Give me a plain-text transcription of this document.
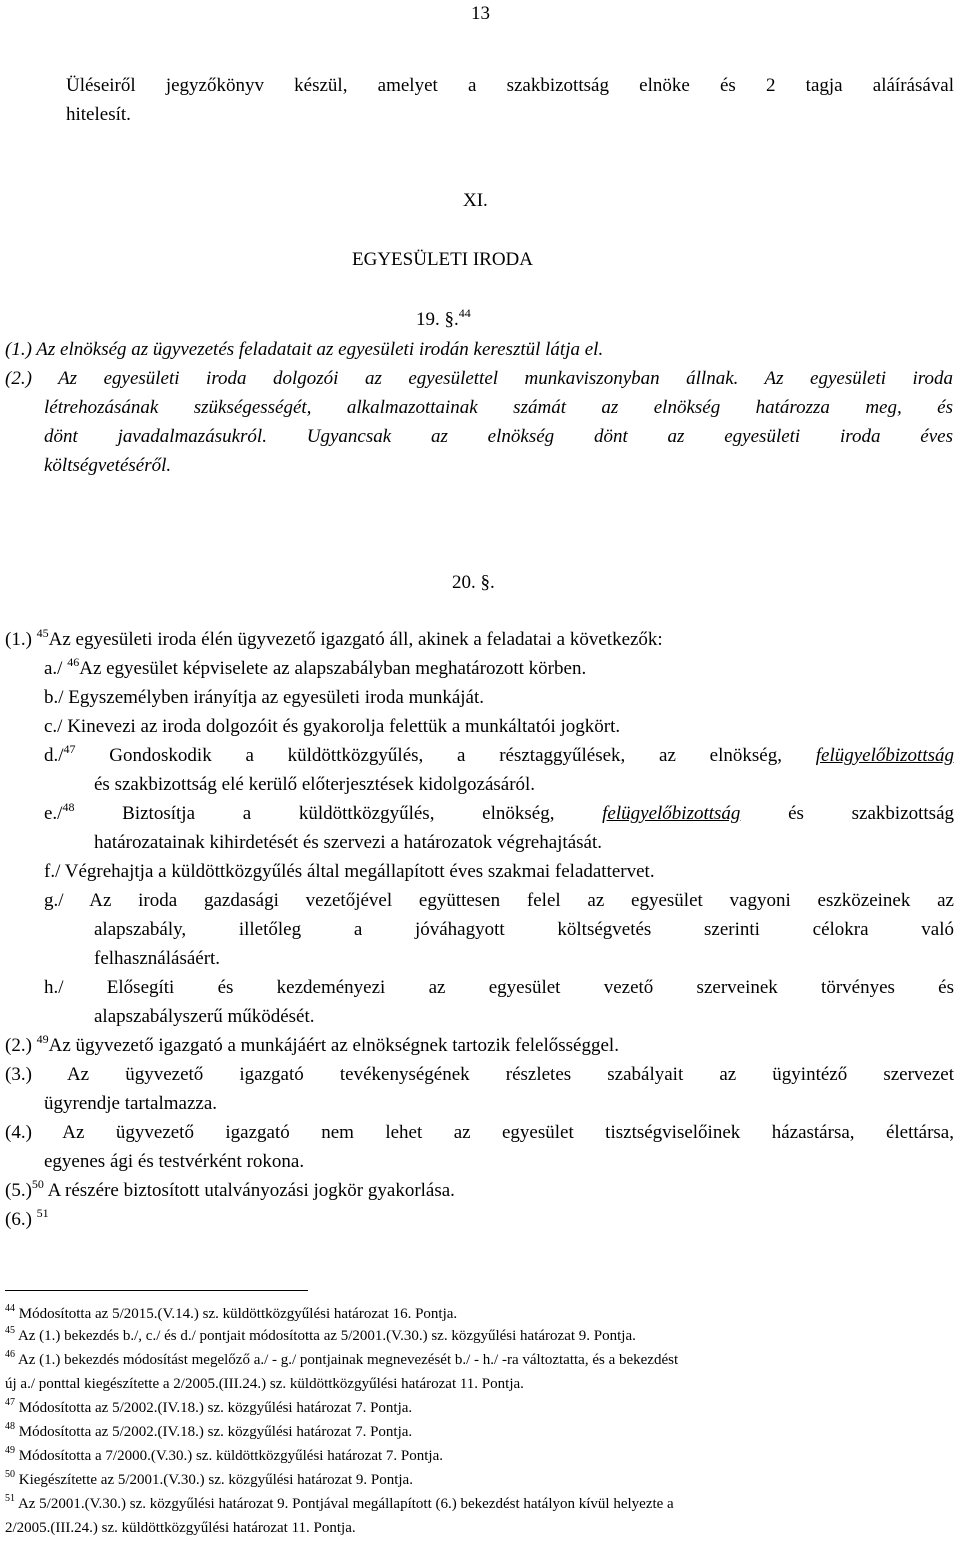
13
Üléseiről jegyzőkönyv készül, amelyet a szakbizottság elnöke és 2 tagja aláírásával
hitelesít.
XI.
EGYESÜLETI IRODA
19. §.$^{44}$
(1.) Az elnökség az ügyvezetés feladatait az egyesületi irodán keresztül látja el.
(2.) Az egyesületi iroda dolgozói az egyesülettel munkaviszonyban állnak. Az egyesületi iroda
létrehozásának szükségességét, alkalmazottainak számát az elnökség határozza meg, és
dönt javadalmazásukról. Ugyancsak az elnökség dönt az egyesületi iroda éves
költségvetéséről.
20. §.
(1.) $^{45}$Az egyesületi iroda élén ügyvezető igazgató áll, akinek a feladatai a következők:
a./ $^{46}$Az egyesület képviselete az alapszabályban meghatározott körben.
b./ Egyszemélyben irányítja az egyesületi iroda munkáját.
c./ Kinevezi az iroda dolgozóit és gyakorolja felettük a munkáltatói jogkört.
d./$^{47}$ Gondoskodik a küldöttközgyűlés, a résztaggyűlések, az elnökség, felügyelőbizottság
és szakbizottság elé kerülő előterjesztések kidolgozásáról.
e./$^{48}$	Biztosítja a küldöttközgyűlés, elnökség,	felügyelőbizottság	és szakbizottság
határozatainak kihirdetését és szervezi a határozatok végrehajtását.
f./ Végrehajtja a küldöttközgyűlés által megállapított éves szakmai feladattervet.
g./ Az iroda gazdasági vezetőjével együttesen felel az egyesület vagyoni eszközeinek az
alapszabály, illetőleg a jóváhagyott költségvetés szerinti célokra való
felhasználásáért.
h./ Elősegíti és kezdeményezi az egyesület vezető szerveinek törvényes és
alapszabályszerű működését.
(2.) $^{49}$Az ügyvezető igazgató a munkájáért az elnökségnek tartozik felelősséggel.
(3.) Az ügyvezető igazgató tevékenységének részletes szabályait az ügyintéző szervezet
ügyrendje tartalmazza.
(4.) Az ügyvezető igazgató nem lehet az egyesület tisztségviselőinek házastársa, élettársa,
egyenes ági és testvérként rokona.
$(5.)^{50}$ A részére biztosított utalványozási jogkör gyakorlása.
(6.) $^{51}$
$^{44}$ Módosította az 5/2015.(V.14.) sz. küldöttközgyűlési határozat 16. Pontja.
$^{45}$ Az (1.) bekezdés b./, c./ és d./ pontjait módosította az 5/2001.(V.30.) sz. közgyűlési határozat 9. Pontja.
$^{46}$ Az (1.) bekezdés módosítást megelőző a./ - g./ pontjainak megnevezését b./ - h./ -ra változtatta, és a bekezdést
új a./ ponttal kiegészítette a 2/2005.(III.24.) sz. küldöttközgyűlési határozat 11. Pontja.
$^{47}$ Módosította az 5/2002.(IV.18.) sz. közgyűlési határozat 7. Pontja.
$^{48}$ Módosította az 5/2002.(IV.18.) sz. közgyűlési határozat 7. Pontja.
$^{49}$ Módosította a 7/2000.(V.30.) sz. küldöttközgyűlési határozat 7. Pontja.
$^{50}$ Kiegészítette az 5/2001.(V.30.) sz. közgyűlési határozat 9. Pontja.
$^{51}$ Az 5/2001.(V.30.) sz. közgyűlési határozat 9. Pontjával megállapított (6.) bekezdést hatályon kívül helyezte a
2/2005.(III.24.) sz. küldöttközgyűlési határozat 11. Pontja.
